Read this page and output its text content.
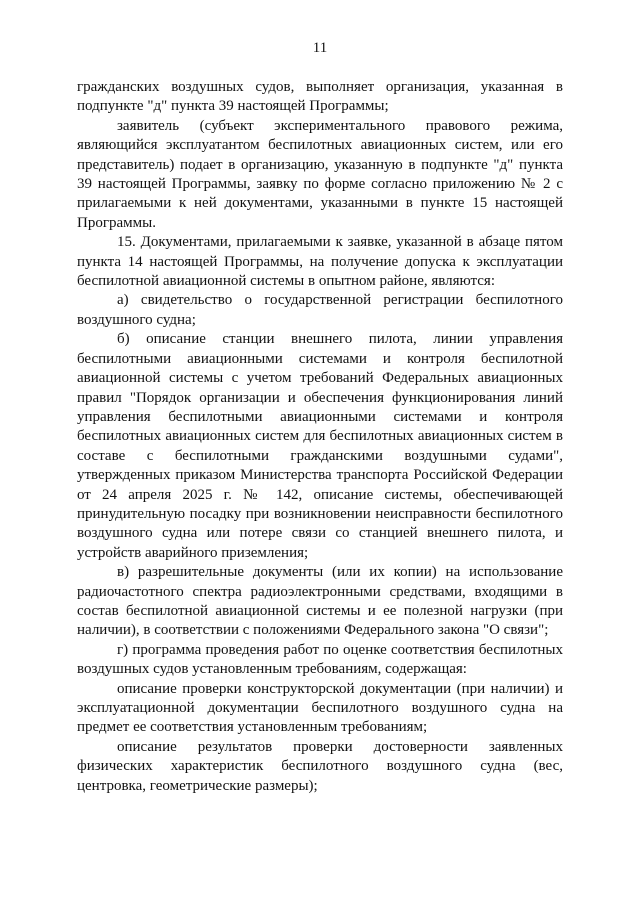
11

гражданских воздушных судов, выполняет организация, указанная в подпункте "д" пункта 39 настоящей Программы;

заявитель (субъект экспериментального правового режима, являющийся эксплуатантом беспилотных авиационных систем, или его представитель) подает в организацию, указанную в подпункте "д" пункта 39 настоящей Программы, заявку по форме согласно приложению № 2 с прилагаемыми к ней документами, указанными в пункте 15 настоящей Программы.

15. Документами, прилагаемыми к заявке, указанной в абзаце пятом пункта 14 настоящей Программы, на получение допуска к эксплуатации беспилотной авиационной системы в опытном районе, являются:

а) свидетельство о государственной регистрации беспилотного воздушного судна;

б) описание станции внешнего пилота, линии управления беспилотными авиационными системами и контроля беспилотной авиационной системы с учетом требований Федеральных авиационных правил "Порядок организации и обеспечения функционирования линий управления беспилотными авиационными системами и контроля беспилотных авиационных систем для беспилотных авиационных систем в составе с беспилотными гражданскими воздушными судами", утвержденных приказом Министерства транспорта Российской Федерации от 24 апреля 2025 г. № 142, описание системы, обеспечивающей принудительную посадку при возникновении неисправности беспилотного воздушного судна или потере связи со станцией внешнего пилота, и устройств аварийного приземления;

в) разрешительные документы (или их копии) на использование радиочастотного спектра радиоэлектронными средствами, входящими в состав беспилотной авиационной системы и ее полезной нагрузки (при наличии), в соответствии с положениями Федерального закона "О связи";

г) программа проведения работ по оценке соответствия беспилотных воздушных судов установленным требованиям, содержащая:

описание проверки конструкторской документации (при наличии) и эксплуатационной документации беспилотного воздушного судна на предмет ее соответствия установленным требованиям;

описание результатов проверки достоверности заявленных физических характеристик беспилотного воздушного судна (вес, центровка, геометрические размеры);
